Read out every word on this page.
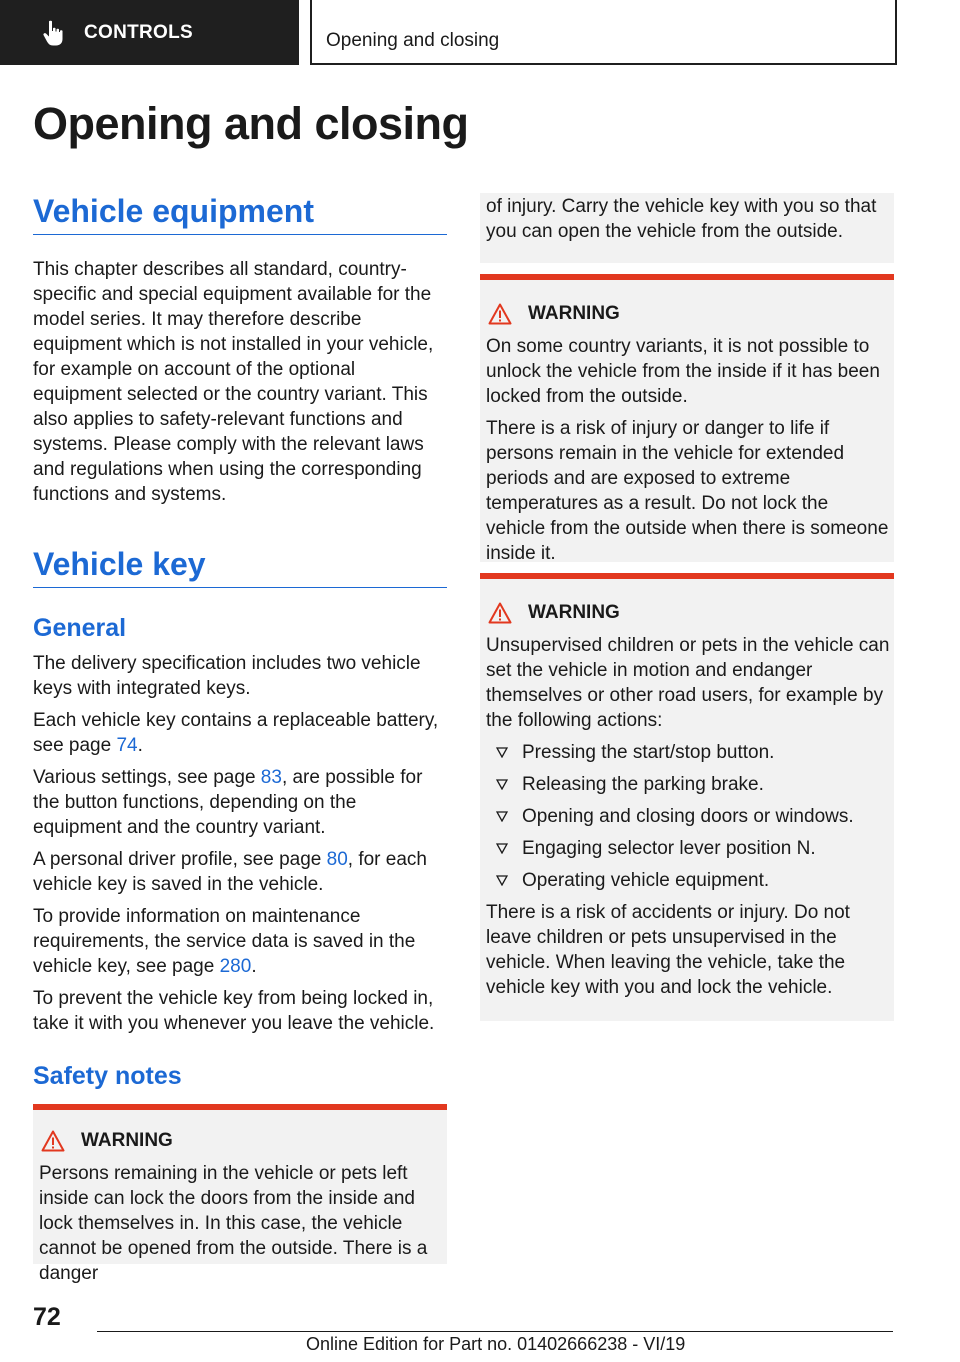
CONTROLS	Opening and closing
Opening and closing
Vehicle equipment

This chapter describes all standard, country-specific and special equipment available for the model series. It may therefore describe equipment which is not installed in your vehicle, for example on account of the optional equipment selected or the country variant. This also applies to safety-relevant functions and systems. Please comply with the relevant laws and regulations when using the corresponding functions and systems.

Vehicle key
General

The delivery specification includes two vehicle keys with integrated keys.

Each vehicle key contains a replaceable battery, see page 74.

Various settings, see page 83, are possible for the button functions, depending on the equipment and the country variant.

A personal driver profile, see page 80, for each vehicle key is saved in the vehicle.

To provide information on maintenance requirements, the service data is saved in the vehicle key, see page 280.

To prevent the vehicle key from being locked in, take it with you whenever you leave the vehicle.

Safety notes
WARNING

Persons remaining in the vehicle or pets left inside can lock the doors from the inside and lock themselves in. In this case, the vehicle cannot be opened from the outside. There is a danger

of injury. Carry the vehicle key with you so that you can open the vehicle from the outside.

WARNING

On some country variants, it is not possible to unlock the vehicle from the inside if it has been locked from the outside.

There is a risk of injury or danger to life if persons remain in the vehicle for extended periods and are exposed to extreme temperatures as a result. Do not lock the vehicle from the outside when there is someone inside it.

WARNING

Unsupervised children or pets in the vehicle can set the vehicle in motion and endanger themselves or other road users, for example by the following actions:

Pressing the start/stop button.
Releasing the parking brake.
Opening and closing doors or windows.
Engaging selector lever position N.
Operating vehicle equipment.

There is a risk of accidents or injury. Do not leave children or pets unsupervised in the vehicle. When leaving the vehicle, take the vehicle key with you and lock the vehicle.

72
Online Edition for Part no. 01402666238 - VI/19
